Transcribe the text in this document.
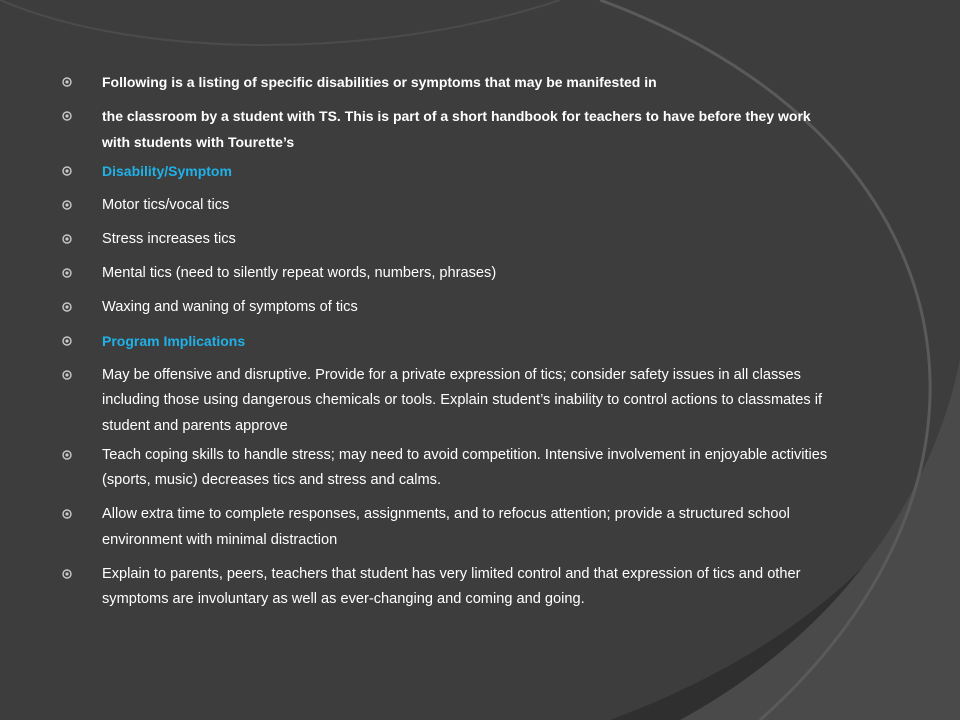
Following is a listing of specific disabilities or symptoms that may be manifested in
the classroom by a student with TS. This is part of a short handbook for teachers to have before they work with students with Tourette’s
Disability/Symptom
Motor tics/vocal tics
Stress increases tics
Mental tics (need to silently repeat words, numbers, phrases)
Waxing and waning of symptoms of tics
Program Implications
May be offensive and disruptive. Provide for a private expression of tics; consider safety issues in all classes including those using dangerous chemicals or tools. Explain student’s inability to control actions to classmates if student and parents approve
Teach coping skills to handle stress; may need to avoid competition. Intensive involvement in enjoyable activities (sports, music) decreases tics and stress and calms.
Allow extra time to complete responses, assignments, and to refocus attention; provide a structured school environment with minimal distraction
Explain to parents, peers, teachers that student has very limited control and that expression of tics and other symptoms are involuntary as well as ever-changing and coming and going.
